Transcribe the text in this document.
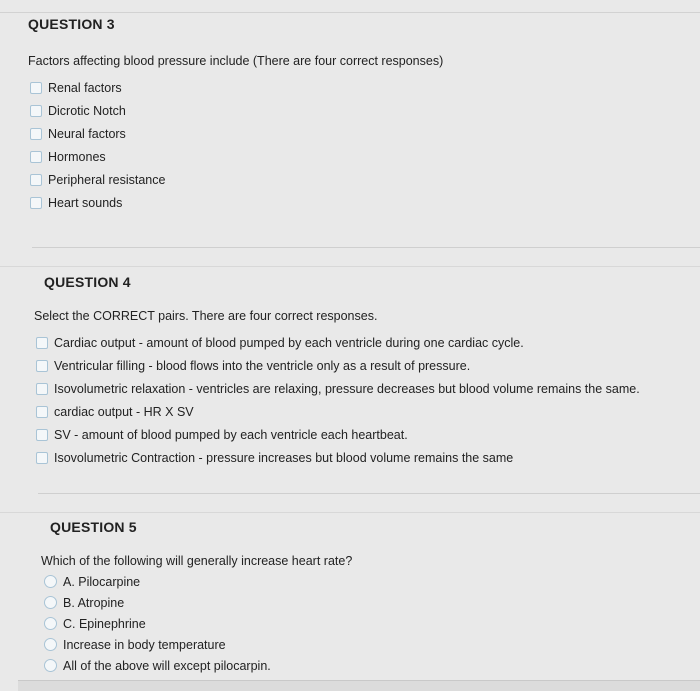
QUESTION 3
Factors affecting blood pressure include (There are four correct responses)
Renal factors
Dicrotic Notch
Neural factors
Hormones
Peripheral resistance
Heart sounds
QUESTION 4
Select the CORRECT pairs. There are four correct responses.
Cardiac output - amount of blood pumped by each ventricle during one cardiac cycle.
Ventricular filling - blood flows into the ventricle only as a result of pressure.
Isovolumetric relaxation - ventricles are relaxing, pressure decreases but blood volume remains the same.
cardiac output - HR X SV
SV - amount of blood pumped by each ventricle each heartbeat.
Isovolumetric Contraction - pressure increases but blood volume remains the same
QUESTION 5
Which of the following will generally increase heart rate?
A. Pilocarpine
B. Atropine
C. Epinephrine
Increase in body temperature
All of the above will except pilocarpin.
